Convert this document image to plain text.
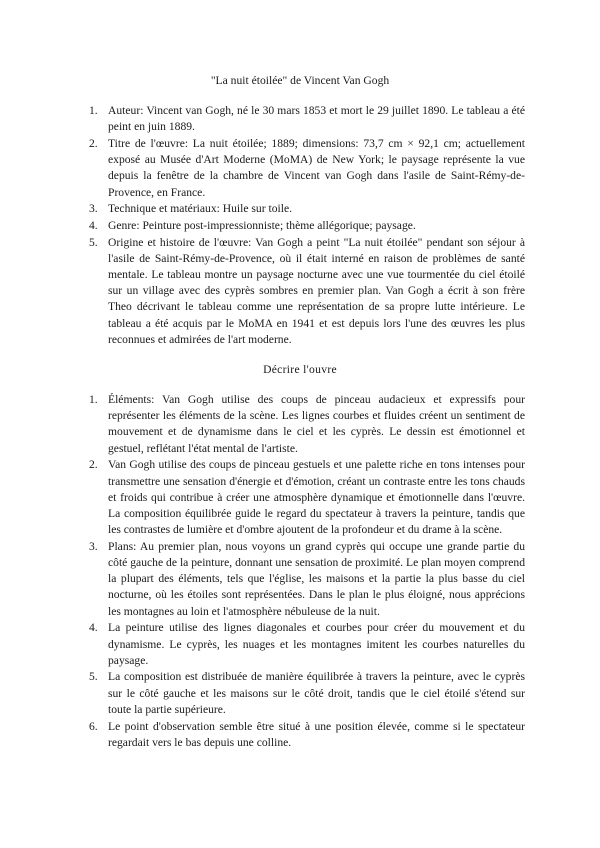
"La nuit étoilée" de Vincent Van Gogh
1. Auteur: Vincent van Gogh, né le 30 mars 1853 et mort le 29 juillet 1890. Le tableau a été peint en juin 1889.
2. Titre de l'œuvre: La nuit étoilée; 1889; dimensions: 73,7 cm × 92,1 cm; actuellement exposé au Musée d'Art Moderne (MoMA) de New York; le paysage représente la vue depuis la fenêtre de la chambre de Vincent van Gogh dans l'asile de Saint-Rémy-de-Provence, en France.
3. Technique et matériaux: Huile sur toile.
4. Genre: Peinture post-impressionniste; thème allégorique; paysage.
5. Origine et histoire de l'œuvre: Van Gogh a peint "La nuit étoilée" pendant son séjour à l'asile de Saint-Rémy-de-Provence, où il était interné en raison de problèmes de santé mentale. Le tableau montre un paysage nocturne avec une vue tourmentée du ciel étoilé sur un village avec des cyprès sombres en premier plan. Van Gogh a écrit à son frère Theo décrivant le tableau comme une représentation de sa propre lutte intérieure. Le tableau a été acquis par le MoMA en 1941 et est depuis lors l'une des œuvres les plus reconnues et admirées de l'art moderne.
Décrire l'ouvre
1. Éléments: Van Gogh utilise des coups de pinceau audacieux et expressifs pour représenter les éléments de la scène. Les lignes courbes et fluides créent un sentiment de mouvement et de dynamisme dans le ciel et les cyprès. Le dessin est émotionnel et gestuel, reflétant l'état mental de l'artiste.
2. Van Gogh utilise des coups de pinceau gestuels et une palette riche en tons intenses pour transmettre une sensation d'énergie et d'émotion, créant un contraste entre les tons chauds et froids qui contribue à créer une atmosphère dynamique et émotionnelle dans l'œuvre. La composition équilibrée guide le regard du spectateur à travers la peinture, tandis que les contrastes de lumière et d'ombre ajoutent de la profondeur et du drame à la scène.
3. Plans: Au premier plan, nous voyons un grand cyprès qui occupe une grande partie du côté gauche de la peinture, donnant une sensation de proximité. Le plan moyen comprend la plupart des éléments, tels que l'église, les maisons et la partie la plus basse du ciel nocturne, où les étoiles sont représentées. Dans le plan le plus éloigné, nous apprécions les montagnes au loin et l'atmosphère nébuleuse de la nuit.
4. La peinture utilise des lignes diagonales et courbes pour créer du mouvement et du dynamisme. Le cyprès, les nuages et les montagnes imitent les courbes naturelles du paysage.
5. La composition est distribuée de manière équilibrée à travers la peinture, avec le cyprès sur le côté gauche et les maisons sur le côté droit, tandis que le ciel étoilé s'étend sur toute la partie supérieure.
6. Le point d'observation semble être situé à une position élevée, comme si le spectateur regardait vers le bas depuis une colline.
